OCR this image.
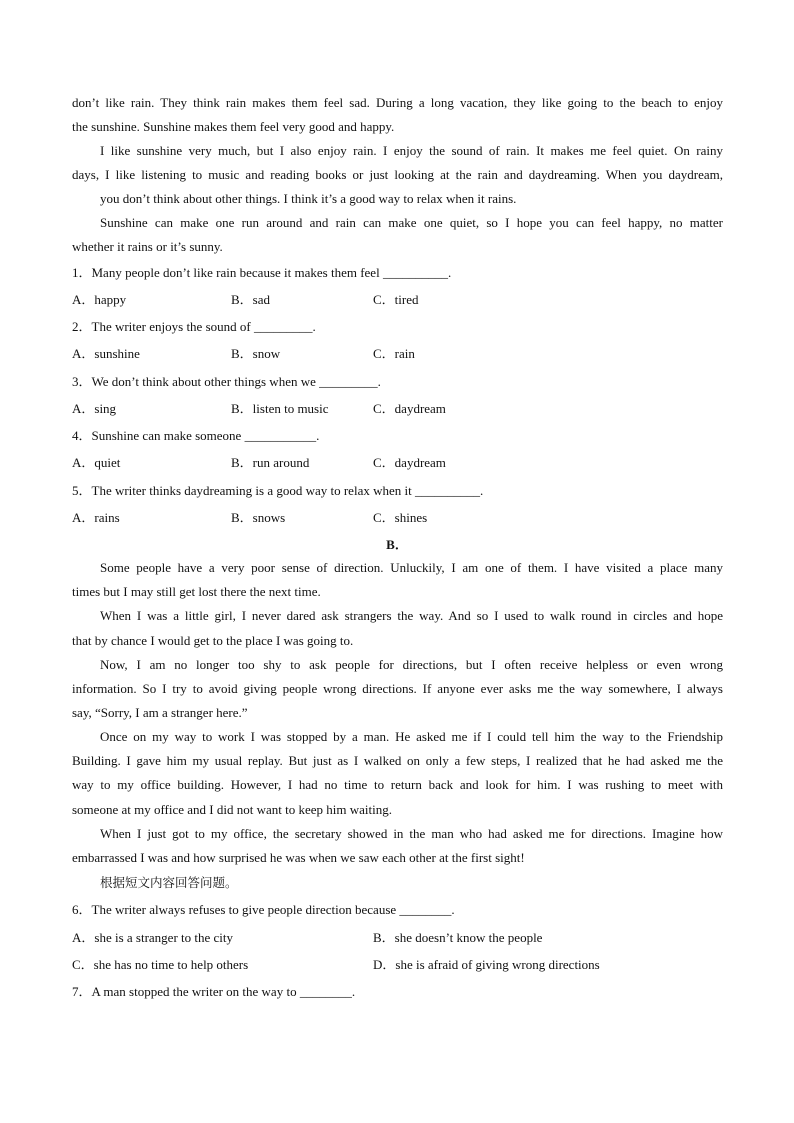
don’t like rain. They think rain makes them feel sad. During a long vacation, they like going to the beach to enjoy
the sunshine. Sunshine makes them feel very good and happy.
I like sunshine very much, but I also enjoy rain. I enjoy the sound of rain. It makes me feel quiet. On rainy
days, I like listening to music and reading books or just looking at the rain and daydreaming. When you daydream,
you don’t think about other things. I think it’s a good way to relax when it rains.
Sunshine can make one run around and rain can make one quiet, so I hope you can feel happy, no matter
whether it rains or it’s sunny.
1．Many people don’t like rain because it makes them feel __________.
A．happy	B．sad	C．tired
2．The writer enjoys the sound of _________.
A．sunshine	B．snow	C．rain
3．We don’t think about other things when we _________.
A．sing	B．listen to music	C．daydream
4．Sunshine can make someone ___________.
A．quiet	B．run around	C．daydream
5．The writer thinks daydreaming is a good way to relax when it __________.
A．rains	B．snows	C．shines
B．
Some people have a very poor sense of direction. Unluckily, I am one of them. I have visited a place many
times but I may still get lost there the next time.
When I was a little girl, I never dared ask strangers the way. And so I used to walk round in circles and hope
that by chance I would get to the place I was going to.
Now, I am no longer too shy to ask people for directions, but I often receive helpless or even wrong
information. So I try to avoid giving people wrong directions. If anyone ever asks me the way somewhere, I always
say, “Sorry, I am a stranger here.”
Once on my way to work I was stopped by a man. He asked me if I could tell him the way to the Friendship
Building. I gave him my usual replay. But just as I walked on only a few steps, I realized that he had asked me the
way to my office building. However, I had no time to return back and look for him. I was rushing to meet with
someone at my office and I did not want to keep him waiting.
When I just got to my office, the secretary showed in the man who had asked me for directions. Imagine how
embarrassed I was and how surprised he was when we saw each other at the first sight!
根据短文内容回答问题。
6．The writer always refuses to give people direction because ________.
A．she is a stranger to the city	B．she doesn’t know the people
C．she has no time to help others	D．she is afraid of giving wrong directions
7．A man stopped the writer on the way to ________.
